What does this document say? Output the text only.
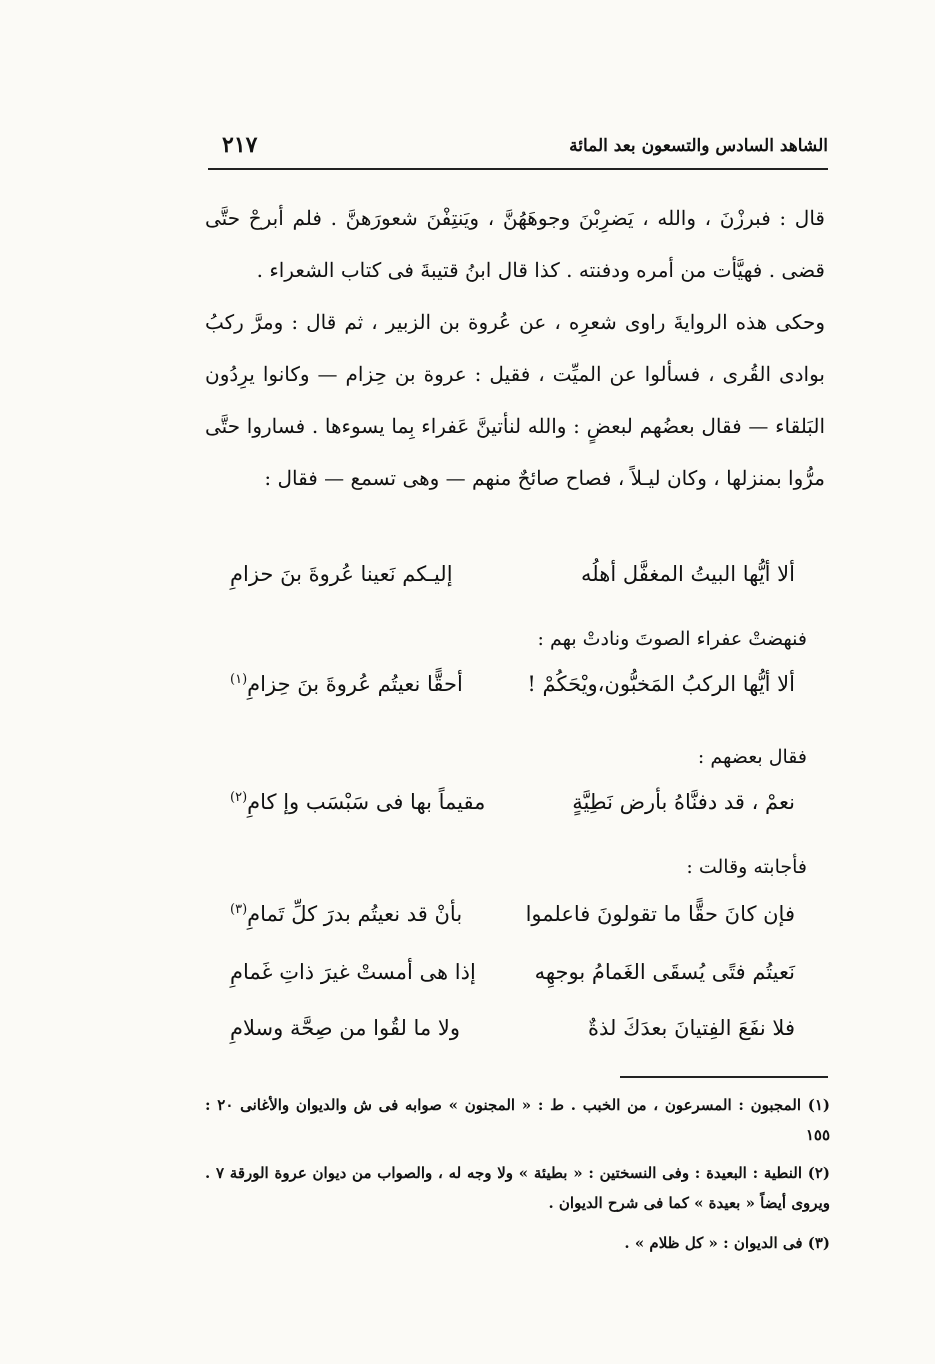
الشاهد السادس والتسعون بعد المائة
٢١٧

قال : فبرزْنَ ، والله ، يَضرِبْنَ وجوهَهُنَّ ، ويَنتِفْنَ شعورَهنَّ . فلم أبرحْ حتَّى قضى . فهيَّأت من أمره ودفنته . كذا قال ابنُ قتيبةَ فى كتاب الشعراء .

وحكى هذه الروايةَ راوى شعرِه ، عن عُروة بن الزبير ، ثم قال : ومرَّ ركبُ بوادى القُرى ، فسألوا عن الميِّت ، فقيل : عروة بن حِزام — وكانوا يرِدُون البَلقاء — فقال بعضُهم لبعضٍ : والله لنأتينَّ عَفراء بِما يسوءها . فساروا حتَّى مرُّوا بمنزلها ، وكان ليـلاً ، فصاح صائحٌ منهم — وهى تسمع — فقال :

ألا أيُّها البيتُ المغفَّل أهلُه
إليـكم نَعينا عُروةَ بنَ حزامِ
فنهضتْ عفراء الصوتَ ونادتْ بهم :
ألا أيُّها الركبُ المَخبُّون،ويْحَكُمْ !
أحقًّا نعيتُم عُروةَ بنَ حِزامِ$^{(١)}$
فقال بعضهم :
نعمْ ، قد دفنَّاهُ بأرض نَطِيَّةٍ
مقيماً بها فى سَبْسَب وإ كامِ$^{(٢)}$
فأجابته وقالت :
فإن كانَ حقًّا ما تقولونَ فاعلموا
بأنْ قد نعيتُم بدرَ كلِّ تَمامِ$^{(٣)}$
نَعيتُم فتًى يُسقَى الغَمامُ بوجهِه
إذا هى أمستْ غيرَ ذاتِ غَمامِ
فلا نفَعَ الفِتيانَ بعدَكَ لذةٌ
ولا ما لقُوا من صِحَّة وسلامِ

(١) المجبون : المسرعون ، من الخبب . ط : « المجنون » صوابه فى ش والديوان والأغانى ٢٠ : ١٥٥

(٢) النطية : البعيدة : وفى النسختين : « بطيئة » ولا وجه له ، والصواب من ديوان عروة الورقة ٧ . ويروى أيضاً « بعيدة » كما فى شرح الديوان .

(٣) فى الديوان : « كل ظلام » .
